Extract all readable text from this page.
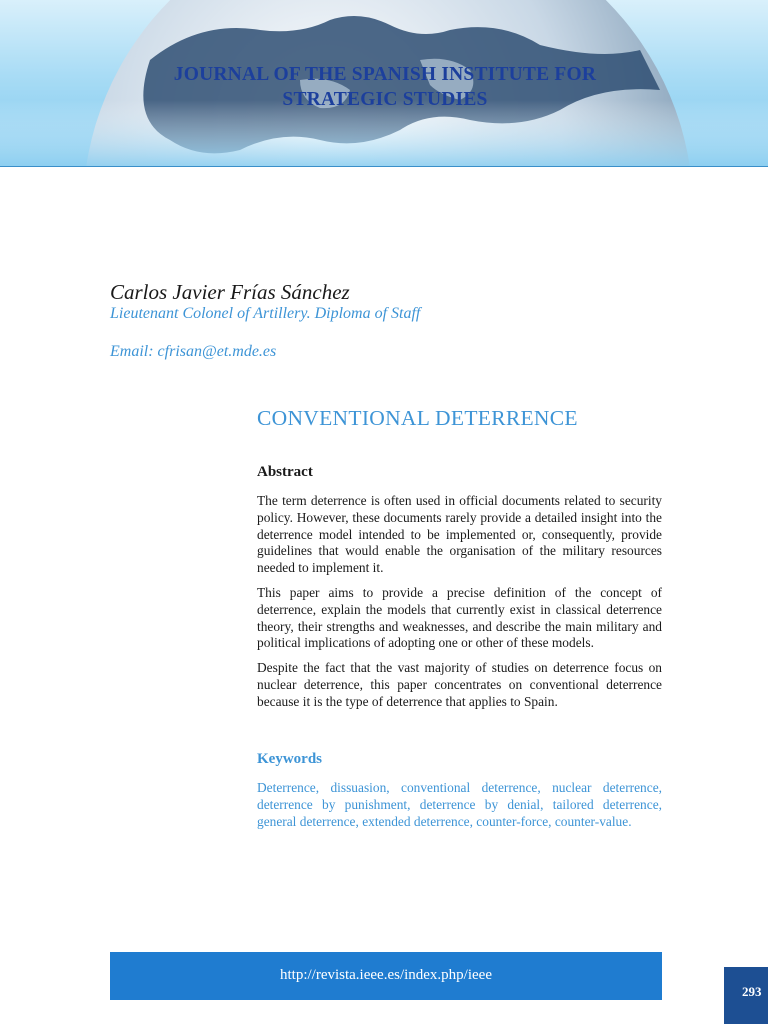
JOURNAL OF THE SPANISH INSTITUTE FOR
STRATEGIC STUDIES
Carlos Javier Frías Sánchez
Lieutenant Colonel of Artillery. Diploma of Staff
Email: cfrisan@et.mde.es
CONVENTIONAL DETERRENCE
Abstract

The term deterrence is often used in official documents related to security policy. However, these documents rarely provide a detailed insight into the deterrence model intended to be implemented or, consequently, provide guidelines that would enable the organisation of the military resources needed to implement it.

This paper aims to provide a precise definition of the concept of deterrence, explain the models that currently exist in classical deterrence theory, their strengths and weaknesses, and describe the main military and political implications of adopting one or other of these models.

Despite the fact that the vast majority of studies on deterrence focus on nuclear deterrence, this paper concentrates on conventional deterrence because it is the type of deterrence that applies to Spain.

Keywords
Deterrence, dissuasion, conventional deterrence, nuclear deterrence, deterrence by punishment, deterrence by denial, tailored deterrence, general deterrence, extended deterrence, counter-force, counter-value.
http://revista.ieee.es/index.php/ieee
293
